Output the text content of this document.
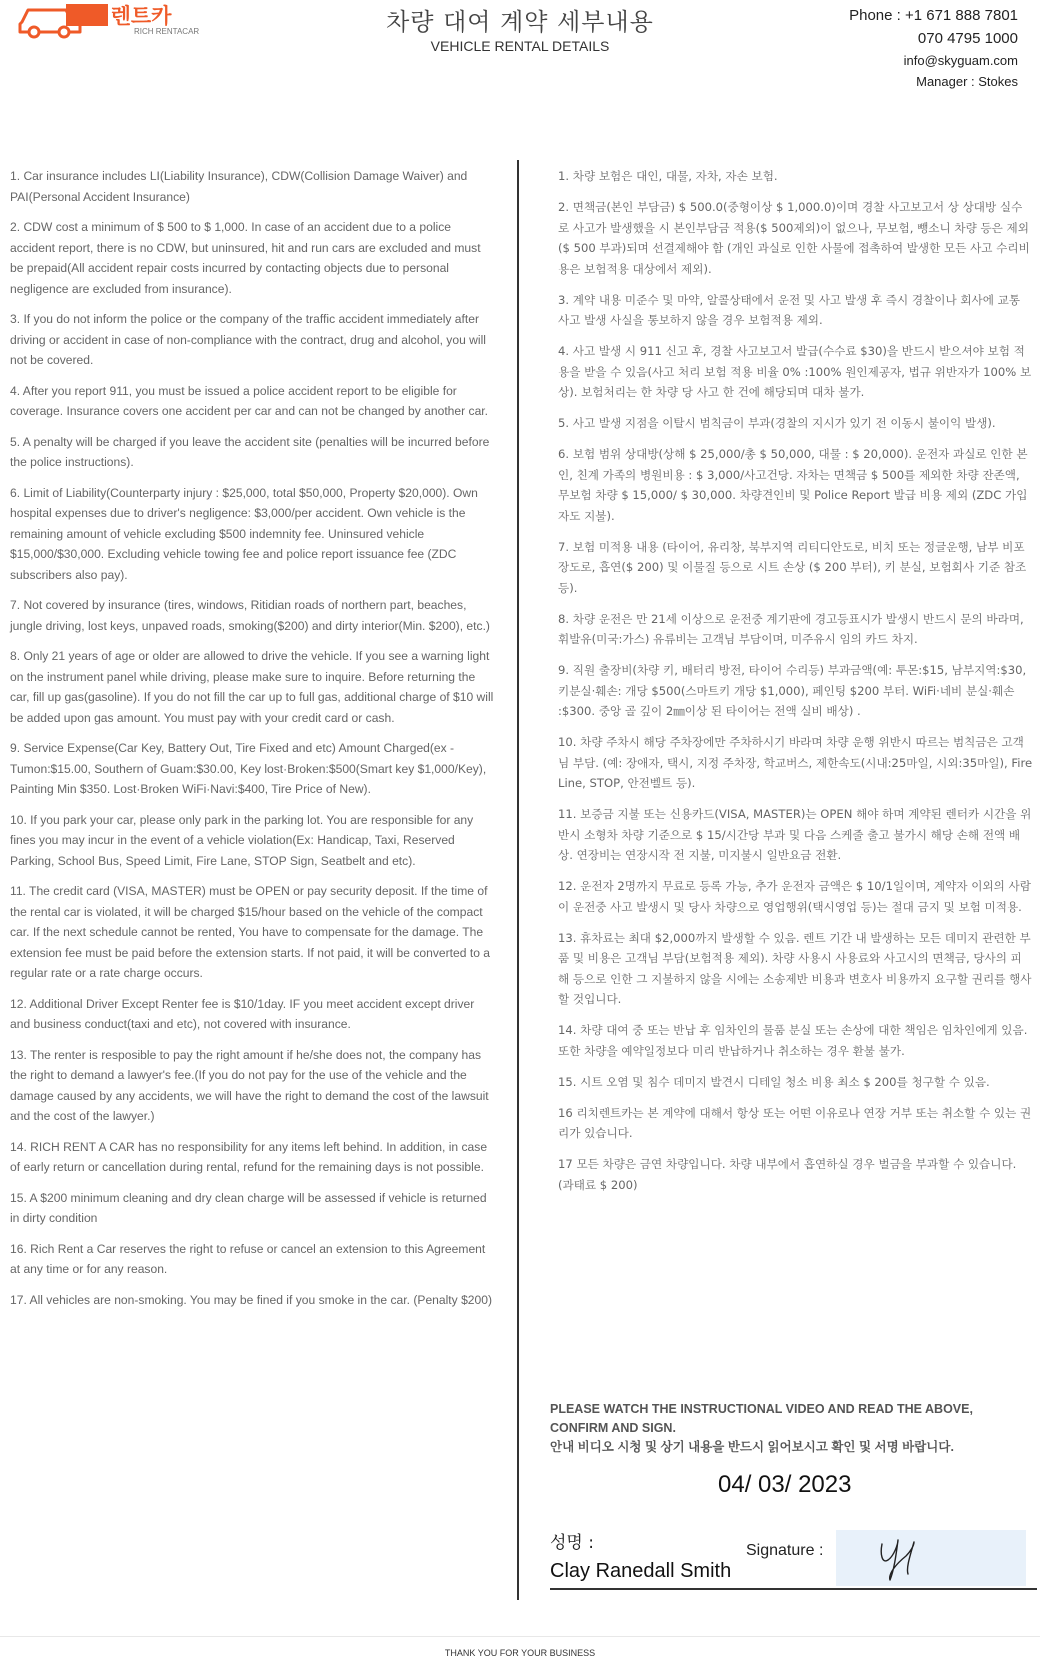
리치렌트카
RICH RENTACAR	차량 대여 계약 세부내용
VEHICLE RENTAL DETAILS
Phone : +1 671 888 7801
070 4795 1000
info@skyguam.com
Manager : Stokes

1. Car insurance includes LI(Liability Insurance), CDW(Collision Damage Waiver) and PAI(Personal Accident Insurance)

2. CDW cost a minimum of $ 500 to $ 1,000. In case of an accident due to a police accident report, there is no CDW, but uninsured, hit and run cars are excluded and must be prepaid(All accident repair costs incurred by contacting objects due to personal negligence are excluded from insurance).

3. If you do not inform the police or the company of the traffic accident immediately after driving or accident in case of non-compliance with the contract, drug and alcohol, you will not be covered.

4. After you report 911, you must be issued a police accident report to be eligible for coverage. Insurance covers one accident per car and can not be changed by another car.

5. A penalty will be charged if you leave the accident site (penalties will be incurred before the police instructions).

6. Limit of Liability(Counterparty injury : $25,000, total $50,000, Property $20,000). Own hospital expenses due to driver's negligence: $3,000/per accident. Own vehicle is the remaining amount of vehicle excluding $500 indemnity fee. Uninsured vehicle $15,000/$30,000. Excluding vehicle towing fee and police report issuance fee (ZDC subscribers also pay).

7. Not covered by insurance (tires, windows, Ritidian roads of northern part, beaches, jungle driving, lost keys, unpaved roads, smoking($200) and dirty interior(Min. $200), etc.)

8. Only 21 years of age or older are allowed to drive the vehicle. If you see a warning light on the instrument panel while driving, please make sure to inquire. Before returning the car, fill up gas(gasoline). If you do not fill the car up to full gas, additional charge of $10 will be added upon gas amount. You must pay with your credit card or cash.

9. Service Expense(Car Key, Battery Out, Tire Fixed and etc) Amount Charged(ex -Tumon:$15.00, Southern of Guam:$30.00, Key lost·Broken:$500(Smart key $1,000/Key), Painting Min $350. Lost·Broken WiFi·Navi:$400, Tire Price of New).

10. If you park your car, please only park in the parking lot. You are responsible for any fines you may incur in the event of a vehicle violation(Ex: Handicap, Taxi, Reserved Parking, School Bus, Speed Limit, Fire Lane, STOP Sign, Seatbelt and etc).

11. The credit card (VISA, MASTER) must be OPEN or pay security deposit. If the time of the rental car is violated, it will be charged $15/hour based on the vehicle of the compact car. If the next schedule cannot be rented, You have to compensate for the damage. The extension fee must be paid before the extension starts. If not paid, it will be converted to a regular rate or a rate charge occurs.

12. Additional Driver Except Renter fee is $10/1day. IF you meet accident except driver and business conduct(taxi and etc), not covered with insurance.

13. The renter is resposible to pay the right amount if he/she does not, the company has the right to demand a lawyer's fee.(If you do not pay for the use of the vehicle and the damage caused by any accidents, we will have the right to demand the cost of the lawsuit and the cost of the lawyer.)

14. RICH RENT A CAR has no responsibility for any items left behind. In addition, in case of early return or cancellation during rental, refund for the remaining days is not possible.

15. A $200 minimum cleaning and dry clean charge will be assessed if vehicle is returned in dirty condition

16. Rich Rent a Car reserves the right to refuse or cancel an extension to this Agreement at any time or for any reason.

17. All vehicles are non-smoking. You may be fined if you smoke in the car. (Penalty $200)

1. 차량 보험은 대인, 대물, 자차, 자손 보험.

2. 면책금(본인 부담금) $ 500.0(중형이상 $ 1,000.0)이며 경찰 사고보고서 상 상대방 실수로 사고가 발생했을 시 본인부담금 적용($ 500제외)이 없으나, 무보험, 뺑소니 차량 등은 제외($ 500 부과)되며 선결제해야 함 (개인 과실로 인한 사물에 접촉하여 발생한 모든 사고 수리비용은 보험적용 대상에서 제외).

3. 계약 내용 미준수 및 마약, 알콜상태에서 운전 및 사고 발생 후 즉시 경찰이나 회사에 교통 사고 발생 사실을 통보하지 않을 경우 보험적용 제외.

4. 사고 발생 시 911 신고 후, 경찰 사고보고서 발급(수수료 $30)을 반드시 받으셔야 보험 적용을 받을 수 있음(사고 처리 보험 적용 비율 0% :100% 원인제공자, 법규 위반자가 100% 보상). 보험처리는 한 차량 당 사고 한 건에 해당되며 대차 불가.

5. 사고 발생 지점을 이탈시 범칙금이 부과(경찰의 지시가 있기 전 이동시 불이익 발생).

6. 보험 범위 상대방(상해 $ 25,000/총 $ 50,000, 대물 : $ 20,000). 운전자 과실로 인한 본인, 친계 가족의 병원비용 : $ 3,000/사고건당. 자차는 면책금 $ 500를 제외한 차량 잔존액, 무보험 차량 $ 15,000/ $ 30,000. 차량견인비 및 Police Report 발급 비용 제외 (ZDC 가입자도 지불).

7. 보험 미적용 내용 (타이어, 유리창, 북부지역 리티디안도로, 비치 또는 정글운행, 남부 비포장도로, 흡연($ 200) 및 이물질 등으로 시트 손상 ($ 200 부터), 키 분실, 보험회사 기준 참조 등).

8. 차량 운전은 만 21세 이상으로 운전중 계기판에 경고등표시가 발생시 반드시 문의 바라며, 휘발유(미국:가스) 유류비는 고객님 부담이며, 미주유시 임의 카드 차지.

9. 직원 출장비(차량 키, 배터리 방전, 타이어 수리등) 부과금액(예: 투몬:$15, 남부지역:$30, 키분실·훼손: 개당 $500(스마트키 개당 $1,000), 페인팅 $200 부터. WiFi·네비 분실·훼손 :$300. 중앙 골 깊이 2㎜이상 된 타이어는 전액 실비 배상) .

10. 차량 주차시 해당 주차장에만 주차하시기 바라며 차량 운행 위반시 따르는 범칙금은 고객님 부담. (예: 장애자, 택시, 지정 주차장, 학교버스, 제한속도(시내:25마일, 시외:35마일), Fire Line, STOP, 안전벨트 등).

11. 보증금 지불 또는 신용카드(VISA, MASTER)는 OPEN 해야 하며 계약된 렌터카 시간을 위반시 소형차 차량 기준으로 $ 15/시간당 부과 및 다음 스케줄 출고 불가시 해당 손해 전액 배상. 연장비는 연장시작 전 지불, 미지불시 일반요금 전환.

12. 운전자 2명까지 무료로 등록 가능, 추가 운전자 금액은 $ 10/1일이며, 계약자 이외의 사람이 운전중 사고 발생시 및 당사 차량으로 영업행위(택시영업 등)는 절대 금지 및 보험 미적용.

13. 휴차료는 최대 $2,000까지 발생할 수 있음. 렌트 기간 내 발생하는 모든 데미지 관련한 부품 및 비용은 고객님 부담(보험적용 제외). 차량 사용시 사용료와 사고시의 면책금, 당사의 피해 등으로 인한 그 지불하지 않을 시에는 소송제반 비용과 변호사 비용까지 요구할 권리를 행사할 것입니다.

14. 차량 대여 중 또는 반납 후 임차인의 물품 분실 또는 손상에 대한 책임은 임차인에게 있음. 또한 차량을 예약일정보다 미리 반납하거나 취소하는 경우 환불 불가.

15. 시트 오염 및 침수 데미지 발견시 디테일 청소 비용 최소 $ 200를 청구할 수 있음.

16 리치렌트카는 본 계약에 대해서 항상 또는 어떤 이유로나 연장 거부 또는 취소할 수 있는 권리가 있습니다.

17 모든 차량은 금연 차량입니다. 차량 내부에서 흡연하실 경우 벌금을 부과할 수 있습니다. (과태료 $ 200)

PLEASE WATCH THE INSTRUCTIONAL VIDEO AND READ THE ABOVE,
CONFIRM AND SIGN.
안내 비디오 시청 및 상기 내용을 반드시 읽어보시고 확인 및 서명 바랍니다.
04/ 03/ 2023
성명 :
Clay Ranedall Smith
Signature :
THANK YOU FOR YOUR BUSINESS
